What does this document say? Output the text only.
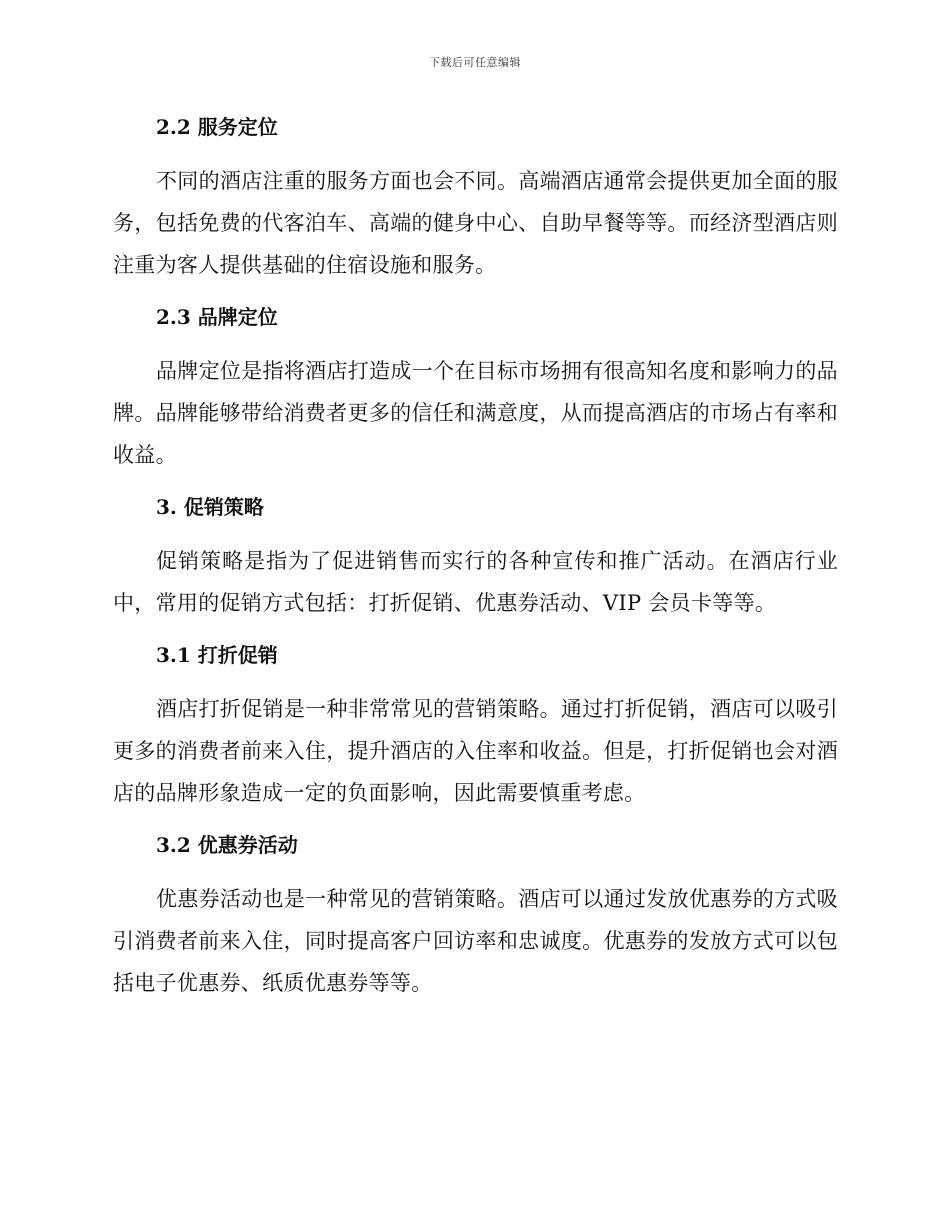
下载后可任意编辑
2.2 服务定位

不同的酒店注重的服务方面也会不同。高端酒店通常会提供更加全面的服务，包括免费的代客泊车、高端的健身中心、自助早餐等等。而经济型酒店则注重为客人提供基础的住宿设施和服务。

2.3 品牌定位

品牌定位是指将酒店打造成一个在目标市场拥有很高知名度和影响力的品牌。品牌能够带给消费者更多的信任和满意度，从而提高酒店的市场占有率和收益。

3. 促销策略

促销策略是指为了促进销售而实行的各种宣传和推广活动。在酒店行业中，常用的促销方式包括：打折促销、优惠券活动、VIP 会员卡等等。

3.1 打折促销

酒店打折促销是一种非常常见的营销策略。通过打折促销，酒店可以吸引更多的消费者前来入住，提升酒店的入住率和收益。但是，打折促销也会对酒店的品牌形象造成一定的负面影响，因此需要慎重考虑。

3.2 优惠券活动

优惠券活动也是一种常见的营销策略。酒店可以通过发放优惠券的方式吸引消费者前来入住，同时提高客户回访率和忠诚度。优惠券的发放方式可以包括电子优惠券、纸质优惠券等等。
